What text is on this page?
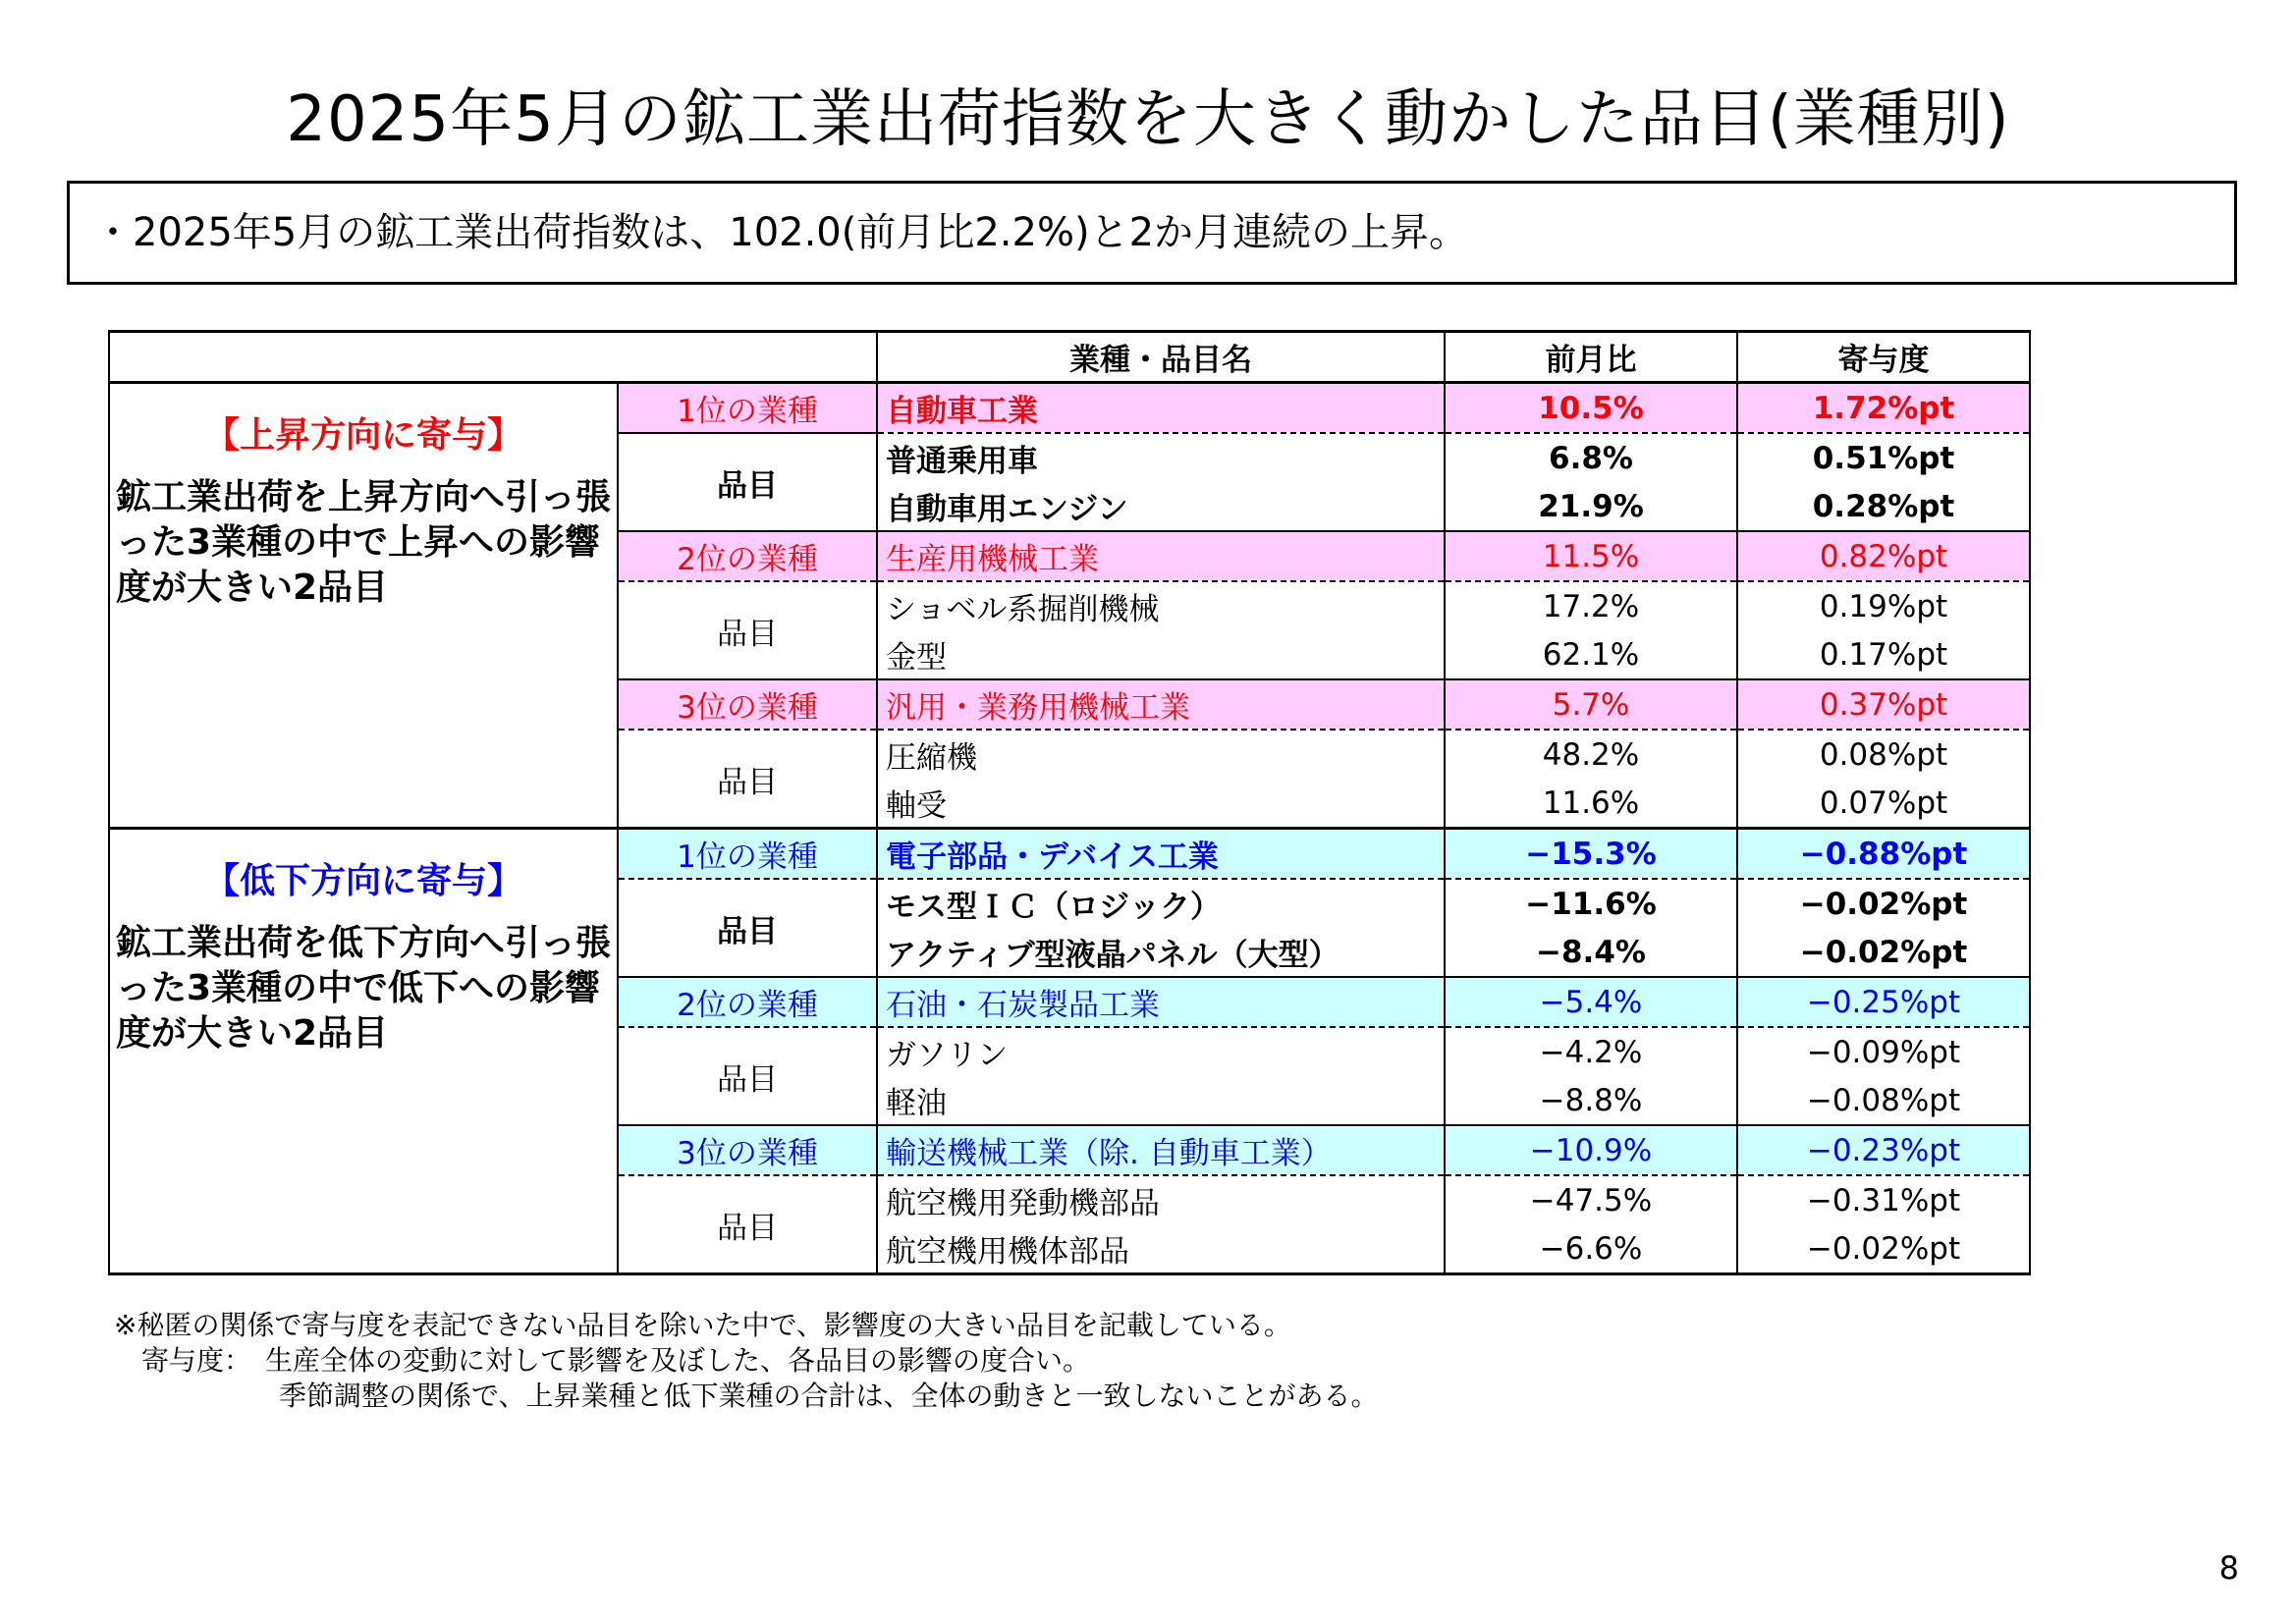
2025年5月の鉱工業出荷指数を大きく動かした品目(業種別)
・2025年5月の鉱工業出荷指数は、102.0(前月比2.2%)と2か月連続の上昇。
		業種・品目名	前月比	寄与度

【上昇方向に寄与】
鉱工業出荷を上昇方向へ引っ張った3業種の中で上昇への影響度が大きい2品目	1位の業種	自動車工業	10.5%	1.72%pt
	品目	普通乗用車	6.8%	0.51%pt
		自動車用エンジン	21.9%	0.28%pt
	2位の業種	生産用機械工業	11.5%	0.82%pt
	品目	ショベル系掘削機械	17.2%	0.19%pt
		金型	62.1%	0.17%pt
	3位の業種	汎用・業務用機械工業	5.7%	0.37%pt
	品目	圧縮機	48.2%	0.08%pt
		軸受	11.6%	0.07%pt

【低下方向に寄与】
鉱工業出荷を低下方向へ引っ張った3業種の中で低下への影響度が大きい2品目	1位の業種	電子部品・デバイス工業	−15.3%	−0.88%pt
	品目	モス型ＩＣ（ロジック）	−11.6%	−0.02%pt
		アクティブ型液晶パネル（大型）	−8.4%	−0.02%pt
	2位の業種	石油・石炭製品工業	−5.4%	−0.25%pt
	品目	ガソリン	−4.2%	−0.09%pt
		軽油	−8.8%	−0.08%pt
	3位の業種	輸送機械工業（除. 自動車工業）	−10.9%	−0.23%pt
	品目	航空機用発動機部品	−47.5%	−0.31%pt
		航空機用機体部品	−6.6%	−0.02%pt
※秘匿の関係で寄与度を表記できない品目を除いた中で、影響度の大きい品目を記載している。
　寄与度：　生産全体の変動に対して影響を及ぼした、各品目の影響の度合い。
　　　　　　季節調整の関係で、上昇業種と低下業種の合計は、全体の動きと一致しないことがある。
8
